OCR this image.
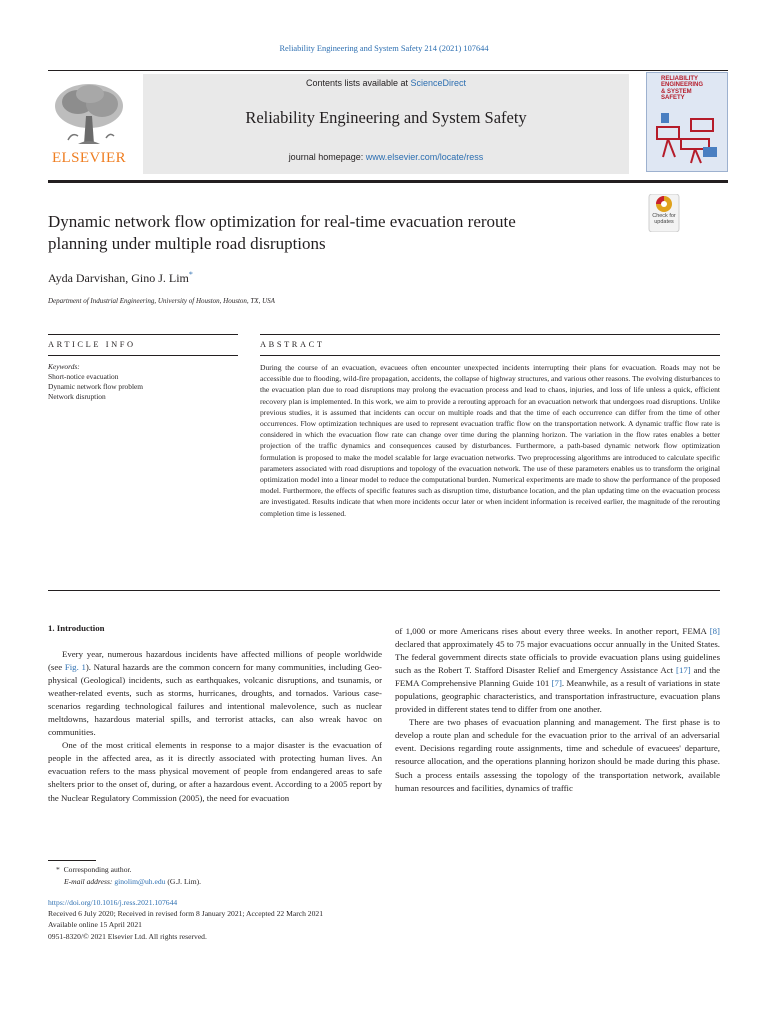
Reliability Engineering and System Safety 214 (2021) 107644
ELSEVIER
Contents lists available at ScienceDirect
Reliability Engineering and System Safety
journal homepage: www.elsevier.com/locate/ress
RELIABILITY
ENGINEERING
& SYSTEM
SAFETY
Check for updates
Dynamic network flow optimization for real-time evacuation reroute
planning under multiple road disruptions
Ayda Darvishan, Gino J. Lim*
Department of Industrial Engineering, University of Houston, Houston, TX, USA
ARTICLE INFO	ABSTRACT
Keywords:
Short-notice evacuation
Dynamic network flow problem
Network disruption
During the course of an evacuation, evacuees often encounter unexpected incidents interrupting their plans for evacuation. Roads may not be accessible due to flooding, wild-fire propagation, accidents, the collapse of highway structures, and various other reasons. The evolving disturbances to the evacuation plan due to road disruptions may prolong the evacuation process and lead to chaos, injuries, and loss of life unless a quick, efficient recovery plan is implemented. In this work, we aim to provide a rerouting approach for an evacuation network that undergoes road disruptions. Unlike previous studies, it is assumed that incidents can occur on multiple roads and that the time of each occurrence can differ from the time of other occurrences. Flow optimization techniques are used to represent evacuation traffic flow on the transportation network. A dynamic traffic flow rate is considered in which the evacuation flow rate can change over time during the planning horizon. The variation in the flow rates enables a better projection of the traffic dynamics and consequences caused by disturbances. Furthermore, a path-based dynamic network flow optimization formulation is proposed to make the model scalable for large evacuation networks. Two preprocessing algorithms are introduced to calculate specific parameters associated with road disruptions and topology of the evacuation network. The use of these parameters enables us to transform the original optimization model into a linear model to reduce the computational burden. Numerical experiments are made to show the performance of the proposed model. Furthermore, the effects of specific features such as disruption time, disturbance location, and the plan updating time on the evacuation process are investigated. Results indicate that when more incidents occur later or when incident information is received earlier, the magnitude of the rerouting completion time is lessened.
1. Introduction

Every year, numerous hazardous incidents have affected millions of people worldwide (see Fig. 1). Natural hazards are the common concern for many communities, including Geo-physical (Geological) incidents, such as earthquakes, volcanic disruptions, and tsunamis, or weather-related events, such as storms, hurricanes, droughts, and tornados. Various case-scenarios regarding technological failures and intentional malevolence, such as nuclear meltdowns, hazardous material spills, and terrorist attacks, can also wreak havoc on communities.

One of the most critical elements in response to a major disaster is the evacuation of people in the affected area, as it is directly associated with protecting human lives. An evacuation refers to the mass physical movement of people from endangered areas to safe shelters prior to the onset of, during, or after a hazardous event. According to a 2005 report by the Nuclear Regulatory Commission (2005), the need for evacuation

of 1,000 or more Americans rises about every three weeks. In another report, FEMA [8] declared that approximately 45 to 75 major evacuations occur annually in the United States. The federal government directs state officials to provide evacuation plans using guidelines such as the Robert T. Stafford Disaster Relief and Emergency Assistance Act [17] and the FEMA Comprehensive Planning Guide 101 [7]. Meanwhile, as a result of variations in state populations, geographic characteristics, and transportation infrastructure, evacuation plans provided in different states tend to differ from one another.

There are two phases of evacuation planning and management. The first phase is to develop a route plan and schedule for the evacuation prior to the arrival of an adversarial event. Decisions regarding route assignments, time and schedule of evacuees' departure, resource allocation, and the operations planning horizon should be made during this phase. Such a process entails assessing the topology of the transportation network, available human resources and facilities, dynamics of traffic

* Corresponding author.
E-mail address: ginolim@uh.edu (G.J. Lim).
https://doi.org/10.1016/j.ress.2021.107644
Received 6 July 2020; Received in revised form 8 January 2021; Accepted 22 March 2021
Available online 15 April 2021
0951-8320/© 2021 Elsevier Ltd. All rights reserved.
